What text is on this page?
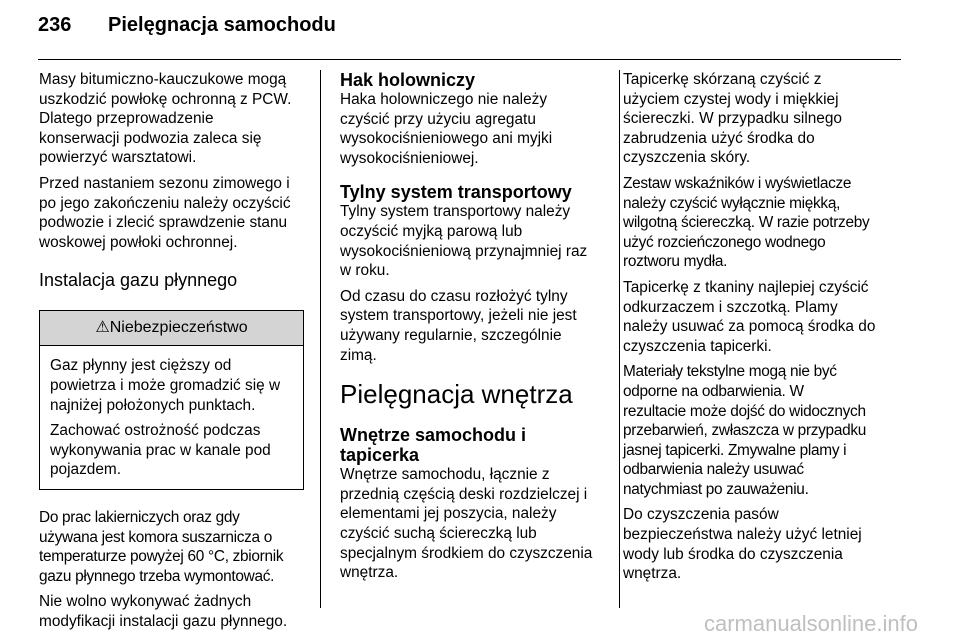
236 Pielęgnacja samochodu

Masy bitumiczno-kauczukowe mogą
uszkodzić powłokę ochronną z PCW.
Dlatego przeprowadzenie
konserwacji podwozia zaleca się
powierzyć warsztatowi.

Przed nastaniem sezonu zimowego i
po jego zakończeniu należy oczyścić
podwozie i zlecić sprawdzenie stanu
woskowej powłoki ochronnej.

Instalacja gazu płynnego
⚠Niebezpieczeństwo

Gaz płynny jest cięższy od
powietrza i może gromadzić się w
najniżej położonych punktach.

Zachować ostrożność podczas
wykonywania prac w kanale pod
pojazdem.

Do prac lakierniczych oraz gdy
używana jest komora suszarnicza o
temperaturze powyżej 60 °C, zbiornik
gazu płynnego trzeba wymontować.

Nie wolno wykonywać żadnych
modyfikacji instalacji gazu płynnego.

Hak holowniczy

Haka holowniczego nie należy
czyścić przy użyciu agregatu
wysokociśnieniowego ani myjki
wysokociśnieniowej.

Tylny system transportowy

Tylny system transportowy należy
oczyścić myjką parową lub
wysokociśnieniową przynajmniej raz
w roku.

Od czasu do czasu rozłożyć tylny
system transportowy, jeżeli nie jest
używany regularnie, szczególnie
zimą.

Pielęgnacja wnętrza
Wnętrze samochodu i tapicerka

Wnętrze samochodu, łącznie z
przednią częścią deski rozdzielczej i
elementami jej poszycia, należy
czyścić suchą ściereczką lub
specjalnym środkiem do czyszczenia
wnętrza.

Tapicerkę skórzaną czyścić z
użyciem czystej wody i miękkiej
ściereczki. W przypadku silnego
zabrudzenia użyć środka do
czyszczenia skóry.

Zestaw wskaźników i wyświetlacze
należy czyścić wyłącznie miękką,
wilgotną ściereczką. W razie potrzeby
użyć rozcieńczonego wodnego
roztworu mydła.

Tapicerkę z tkaniny najlepiej czyścić
odkurzaczem i szczotką. Plamy
należy usuwać za pomocą środka do
czyszczenia tapicerki.

Materiały tekstylne mogą nie być
odporne na odbarwienia. W
rezultacie może dojść do widocznych
przebarwień, zwłaszcza w przypadku
jasnej tapicerki. Zmywalne plamy i
odbarwienia należy usuwać
natychmiast po zauważeniu.

Do czyszczenia pasów
bezpieczeństwa należy użyć letniej
wody lub środka do czyszczenia
wnętrza.

carmanualsonline.info
